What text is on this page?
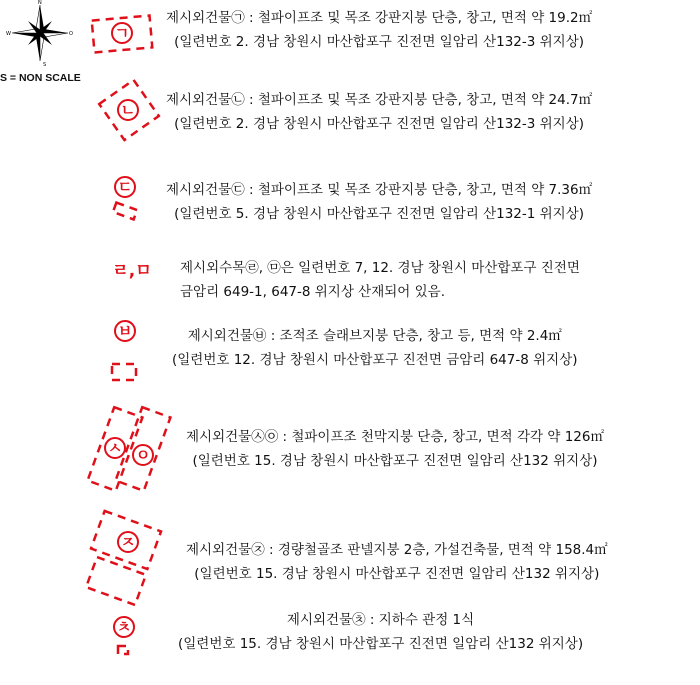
N
S
W	O	ㄱ
ㄴ
ㄷ
ㄹ,ㅁ
ㅂ
ㅅ ㅇ
ㅈ
ㅊ
S = NON SCALE
제시외건물㉠ : 철파이프조 및 목조 강판지붕 단층, 창고, 면적 약 19.2㎡
(일련번호 2. 경남 창원시 마산합포구 진전면 일암리 산132-3 위지상)
제시외건물㉡ : 철파이프조 및 목조 강판지붕 단층, 창고, 면적 약 24.7㎡
(일련번호 2. 경남 창원시 마산합포구 진전면 일암리 산132-3 위지상)
제시외건물㉢ : 철파이프조 및 목조 강판지붕 단층, 창고, 면적 약 7.36㎡
(일련번호 5. 경남 창원시 마산합포구 진전면 일암리 산132-1 위지상)
제시외수목㉣, ㉤은 일련번호 7, 12. 경남 창원시 마산합포구 진전면
금암리 649-1, 647-8 위지상 산재되어 있음.
제시외건물㉥ : 조적조 슬래브지붕 단층, 창고 등, 면적 약 2.4㎡
(일련번호 12. 경남 창원시 마산합포구 진전면 금암리 647-8 위지상)
제시외건물㉦㉧ : 철파이프조 천막지붕 단층, 창고, 면적 각각 약 126㎡
(일련번호 15. 경남 창원시 마산합포구 진전면 일암리 산132 위지상)
제시외건물㉨ : 경량철골조 판넬지붕 2층, 가설건축물, 면적 약 158.4㎡
(일련번호 15. 경남 창원시 마산합포구 진전면 일암리 산132 위지상)
제시외건물㉩ : 지하수 관정 1식
(일련번호 15. 경남 창원시 마산합포구 진전면 일암리 산132 위지상)
